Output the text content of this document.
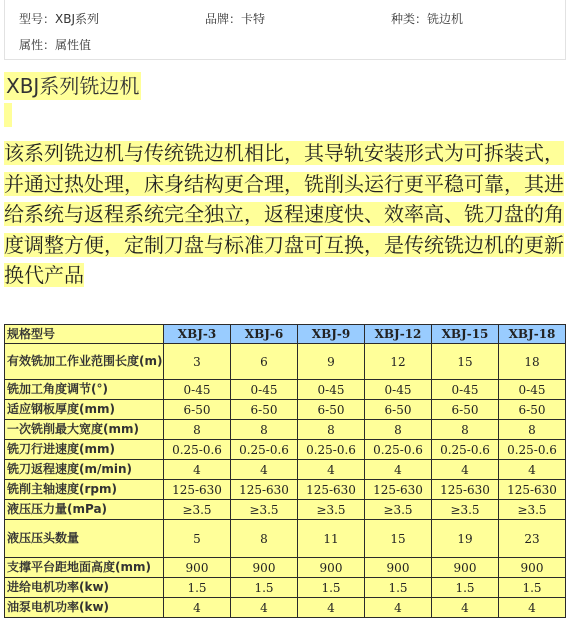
型号：XBJ系列	品牌：卡特	种类：铣边机
属性：属性值
XBJ系列铣边机
该系列铣边机与传统铣边机相比，其导轨安装形式为可拆装式，并通过热处理，床身结构更合理，铣削头运行更平稳可靠，其进给系统与返程系统完全独立，返程速度快、效率高、铣刀盘的角度调整方便，定制刀盘与标准刀盘可互换，是传统铣边机的更新换代产品
规格型号	XBJ-3	XBJ-6	XBJ-9	XBJ-12	XBJ-15	XBJ-18
有效铣加工作业范围长度(m)	3	6	9	12	15	18
铣加工角度调节(°)	0-45	0-45	0-45	0-45	0-45	0-45
适应钢板厚度(mm)	6-50	6-50	6-50	6-50	6-50	6-50
一次铣削最大宽度(mm)	8	8	8	8	8	8
铣刀行进速度(mm)	0.25-0.6	0.25-0.6	0.25-0.6	0.25-0.6	0.25-0.6	0.25-0.6
铣刀返程速度(m/min)	4	4	4	4	4	4
铣削主轴速度(rpm)	125-630	125-630	125-630	125-630	125-630	125-630
液压压力量(mPa)	≥3.5	≥3.5	≥3.5	≥3.5	≥3.5	≥3.5
液压压头数量	5	8	11	15	19	23
支撑平台距地面高度(mm)	900	900	900	900	900	900
进给电机功率(kw)	1.5	1.5	1.5	1.5	1.5	1.5
油泵电机功率(kw)	4	4	4	4	4	4
